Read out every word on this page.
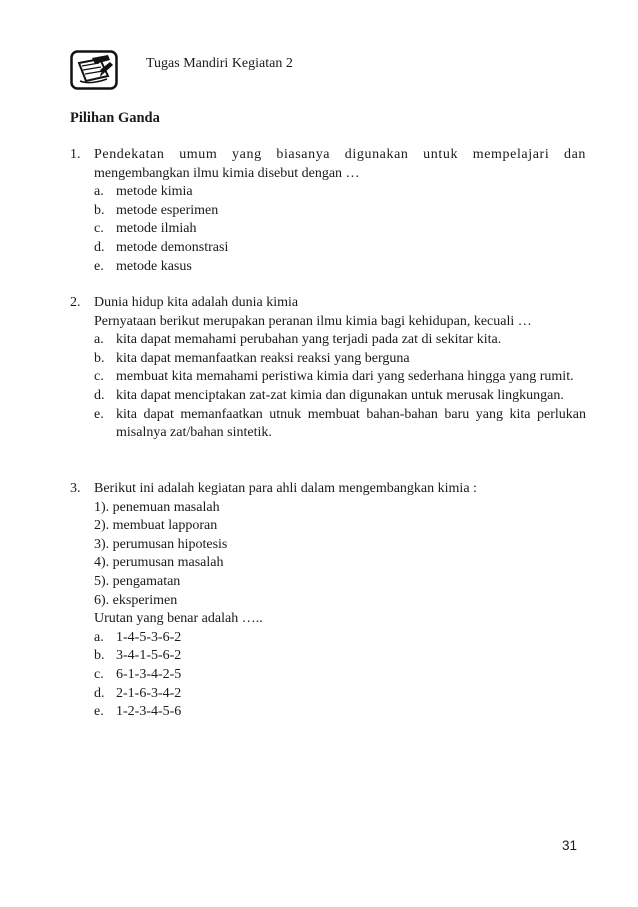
Tugas Mandiri Kegiatan 2
Pilihan Ganda
1. Pendekatan umum yang biasanya digunakan untuk mempelajari dan
mengembangkan ilmu kimia disebut dengan …
a. metode kimia
b. metode esperimen
c. metode ilmiah
d. metode demonstrasi
e. metode kasus
2. Dunia hidup kita adalah dunia kimia
Pernyataan berikut merupakan peranan ilmu kimia bagi kehidupan, kecuali …
a. kita dapat memahami perubahan yang terjadi pada zat di sekitar kita.
b. kita dapat memanfaatkan reaksi reaksi yang berguna
c. membuat kita memahami peristiwa kimia dari yang sederhana hingga yang rumit.
d. kita dapat menciptakan zat-zat kimia dan digunakan untuk merusak lingkungan.
e. kita dapat memanfaatkan utnuk membuat bahan-bahan baru yang kita perlukan misalnya zat/bahan sintetik.
3. Berikut ini adalah kegiatan para ahli dalam mengembangkan kimia :
1). penemuan masalah
2). membuat lapporan
3). perumusan hipotesis
4). perumusan masalah
5). pengamatan
6). eksperimen
Urutan yang benar adalah …..
a. 1-4-5-3-6-2
b. 3-4-1-5-6-2
c. 6-1-3-4-2-5
d. 2-1-6-3-4-2
e. 1-2-3-4-5-6
31
